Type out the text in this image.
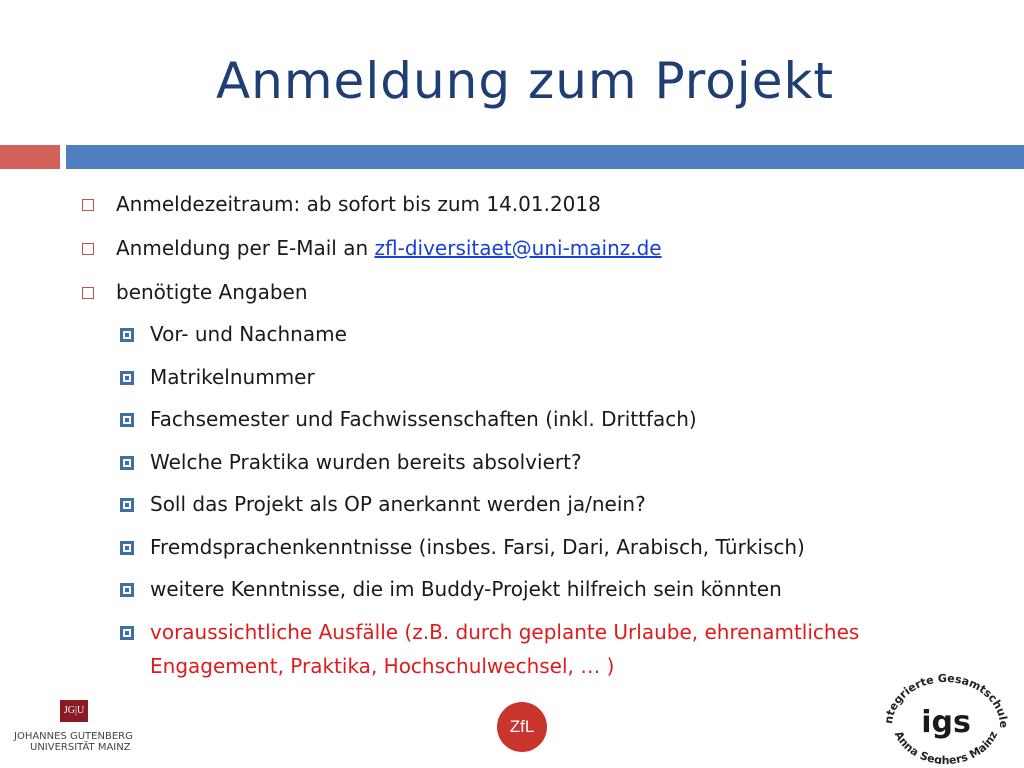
Anmeldung zum Projekt
Anmeldezeitraum: ab sofort bis zum 14.01.2018
Anmeldung per E-Mail an zfl-diversitaet@uni-mainz.de
benötigte Angaben
Vor- und Nachname
Matrikelnummer
Fachsemester und Fachwissenschaften (inkl. Drittfach)
Welche Praktika wurden bereits absolviert?
Soll das Projekt als OP anerkannt werden ja/nein?
Fremdsprachenkenntnisse (insbes. Farsi, Dari, Arabisch, Türkisch)
weitere Kenntnisse, die im Buddy-Projekt hilfreich sein könnten
voraussichtliche Ausfälle (z.B. durch geplante Urlaube, ehrenamtliches
Engagement, Praktika, Hochschulwechsel, … )
JG|U
JOHANNES GUTENBERG
UNIVERSITÄT MAINZ
ZfL	ntegrierte Gesamtschule
Anna Seghers Mainz
igs
